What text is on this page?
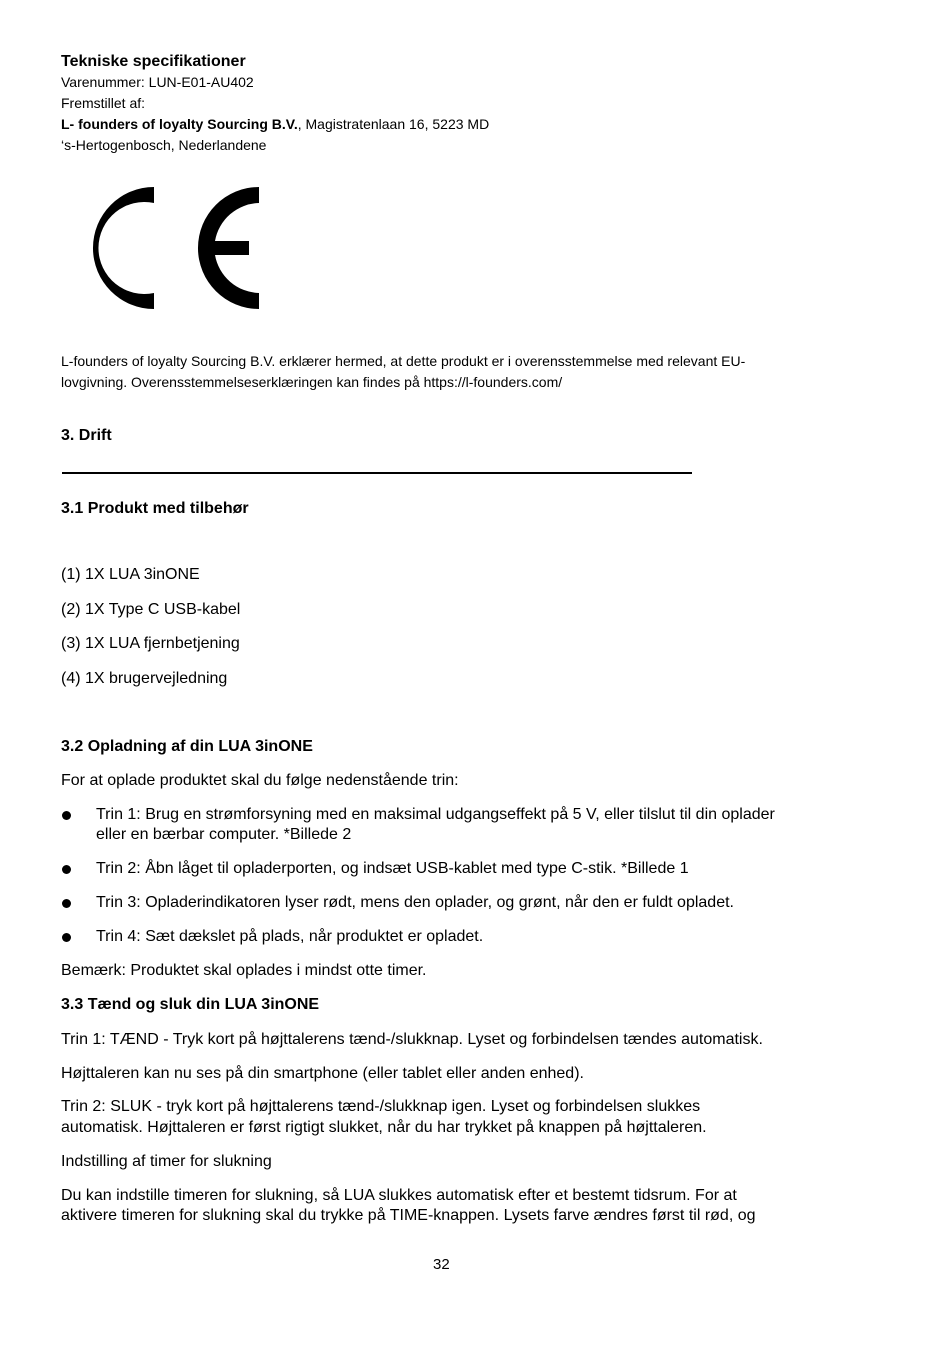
Tekniske specifikationer
Varenummer: LUN-E01-AU402
Fremstillet af:
L- founders of loyalty Sourcing B.V., Magistratenlaan 16, 5223 MD
‘s-Hertogenbosch, Nederlandene
L-founders of loyalty Sourcing B.V. erklærer hermed, at dette produkt er i overensstemmelse med relevant EU-
lovgivning. Overensstemmelseserklæringen kan findes på https://l-founders.com/
3. Drift
3.1 Produkt med tilbehør
(1) 1X LUA 3inONE
(2) 1X Type C USB-kabel
(3) 1X LUA fjernbetjening
(4) 1X brugervejledning
3.2 Opladning af din LUA 3inONE
For at oplade produktet skal du følge nedenstående trin:
Trin 1: Brug en strømforsyning med en maksimal udgangseffekt på 5 V, eller tilslut til din oplader
eller en bærbar computer. *Billede 2
Trin 2: Åbn låget til opladerporten, og indsæt USB-kablet med type C-stik. *Billede 1
Trin 3: Opladerindikatoren lyser rødt, mens den oplader, og grønt, når den er fuldt opladet.
Trin 4: Sæt dækslet på plads, når produktet er opladet.
Bemærk: Produktet skal oplades i mindst otte timer.
3.3 Tænd og sluk din LUA 3inONE
Trin 1: TÆND - Tryk kort på højttalerens tænd-/slukknap. Lyset og forbindelsen tændes automatisk.
Højttaleren kan nu ses på din smartphone (eller tablet eller anden enhed).
Trin 2: SLUK - tryk kort på højttalerens tænd-/slukknap igen. Lyset og forbindelsen slukkes
automatisk. Højttaleren er først rigtigt slukket, når du har trykket på knappen på højttaleren.
Indstilling af timer for slukning
Du kan indstille timeren for slukning, så LUA slukkes automatisk efter et bestemt tidsrum. For at
aktivere timeren for slukning skal du trykke på TIME-knappen. Lysets farve ændres først til rød, og
32
